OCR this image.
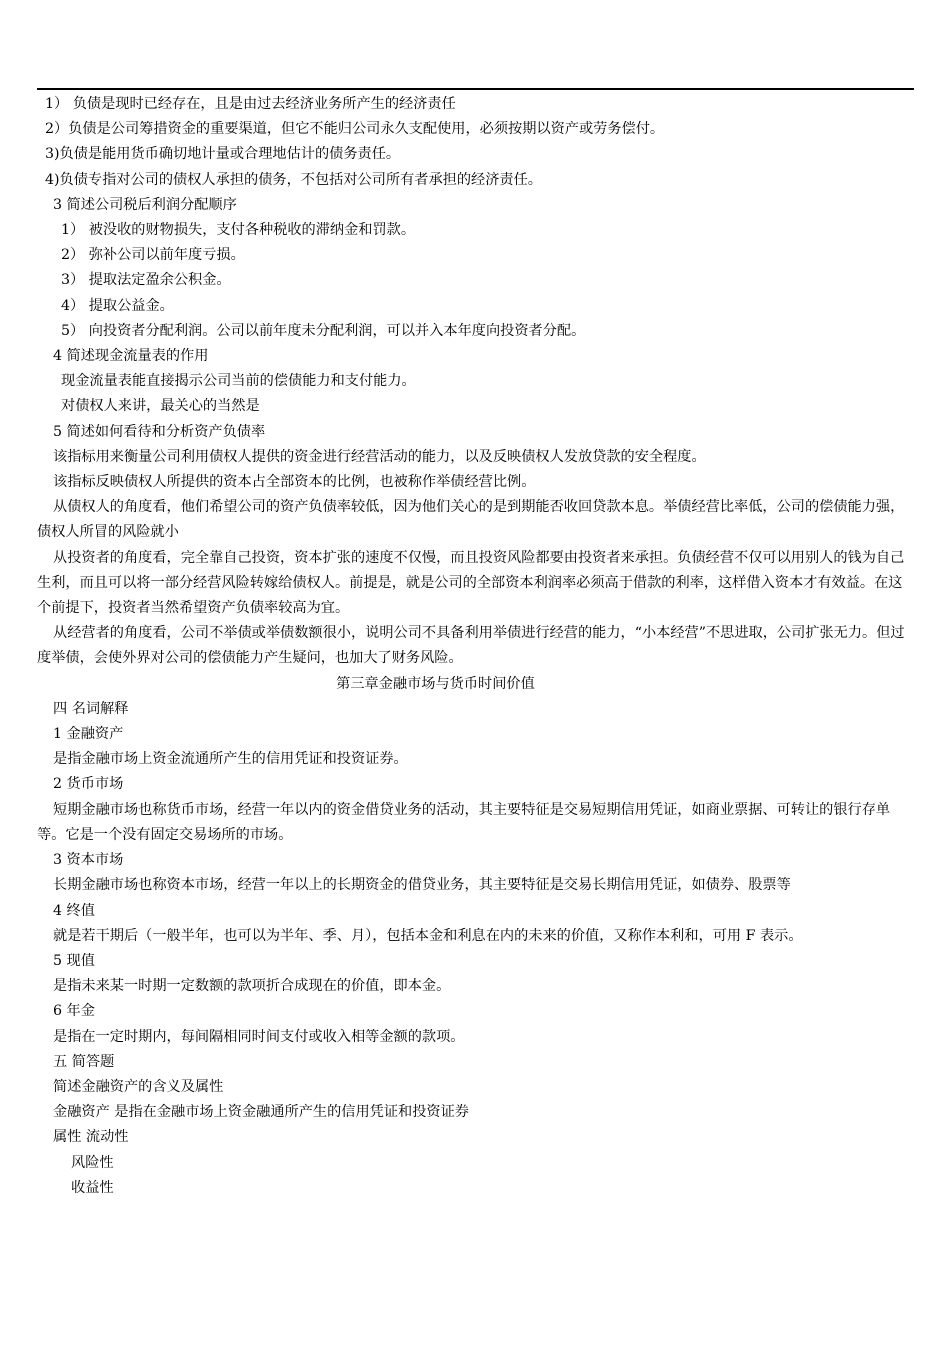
1） 负债是现时已经存在，且是由过去经济业务所产生的经济责任
2）负债是公司筹措资金的重要渠道，但它不能归公司永久支配使用，必须按期以资产或劳务偿付。
3)负债是能用货币确切地计量或合理地估计的债务责任。
4)负债专指对公司的债权人承担的债务，不包括对公司所有者承担的经济责任。
3 简述公司税后利润分配顺序
1） 被没收的财物损失，支付各种税收的滞纳金和罚款。
2） 弥补公司以前年度亏损。
3） 提取法定盈余公积金。
4） 提取公益金。
5） 向投资者分配利润。公司以前年度未分配利润，可以并入本年度向投资者分配。
4 简述现金流量表的作用
现金流量表能直接揭示公司当前的偿债能力和支付能力。
对债权人来讲，最关心的当然是
5 简述如何看待和分析资产负债率
该指标用来衡量公司利用债权人提供的资金进行经营活动的能力，以及反映债权人发放贷款的安全程度。
该指标反映债权人所提供的资本占全部资本的比例，也被称作举债经营比例。
从债权人的角度看，他们希望公司的资产负债率较低，因为他们关心的是到期能否收回贷款本息。举债经营比率低，公司的偿债能力强，债权人所冒的风险就小
从投资者的角度看，完全靠自己投资，资本扩张的速度不仅慢，而且投资风险都要由投资者来承担。负债经营不仅可以用别人的钱为自己生利，而且可以将一部分经营风险转嫁给债权人。前提是，就是公司的全部资本利润率必须高于借款的利率，这样借入资本才有效益。在这个前提下，投资者当然希望资产负债率较高为宜。
从经营者的角度看，公司不举债或举债数额很小，说明公司不具备利用举债进行经营的能力，“小本经营”不思进取，公司扩张无力。但过度举债，会使外界对公司的偿债能力产生疑问，也加大了财务风险。
第三章金融市场与货币时间价值
四 名词解释
1 金融资产
是指金融市场上资金流通所产生的信用凭证和投资证券。
2 货币市场
短期金融市场也称货币市场，经营一年以内的资金借贷业务的活动，其主要特征是交易短期信用凭证，如商业票据、可转让的银行存单等。它是一个没有固定交易场所的市场。
3 资本市场
长期金融市场也称资本市场，经营一年以上的长期资金的借贷业务，其主要特征是交易长期信用凭证，如债券、股票等
4 终值
就是若干期后（一般半年，也可以为半年、季、月），包括本金和利息在内的未来的价值，又称作本利和，可用 F 表示。
5 现值
是指未来某一时期一定数额的款项折合成现在的价值，即本金。
6 年金
是指在一定时期内，每间隔相同时间支付或收入相等金额的款项。
五 简答题
简述金融资产的含义及属性
金融资产 是指在金融市场上资金融通所产生的信用凭证和投资证券
属性 流动性
风险性
收益性
